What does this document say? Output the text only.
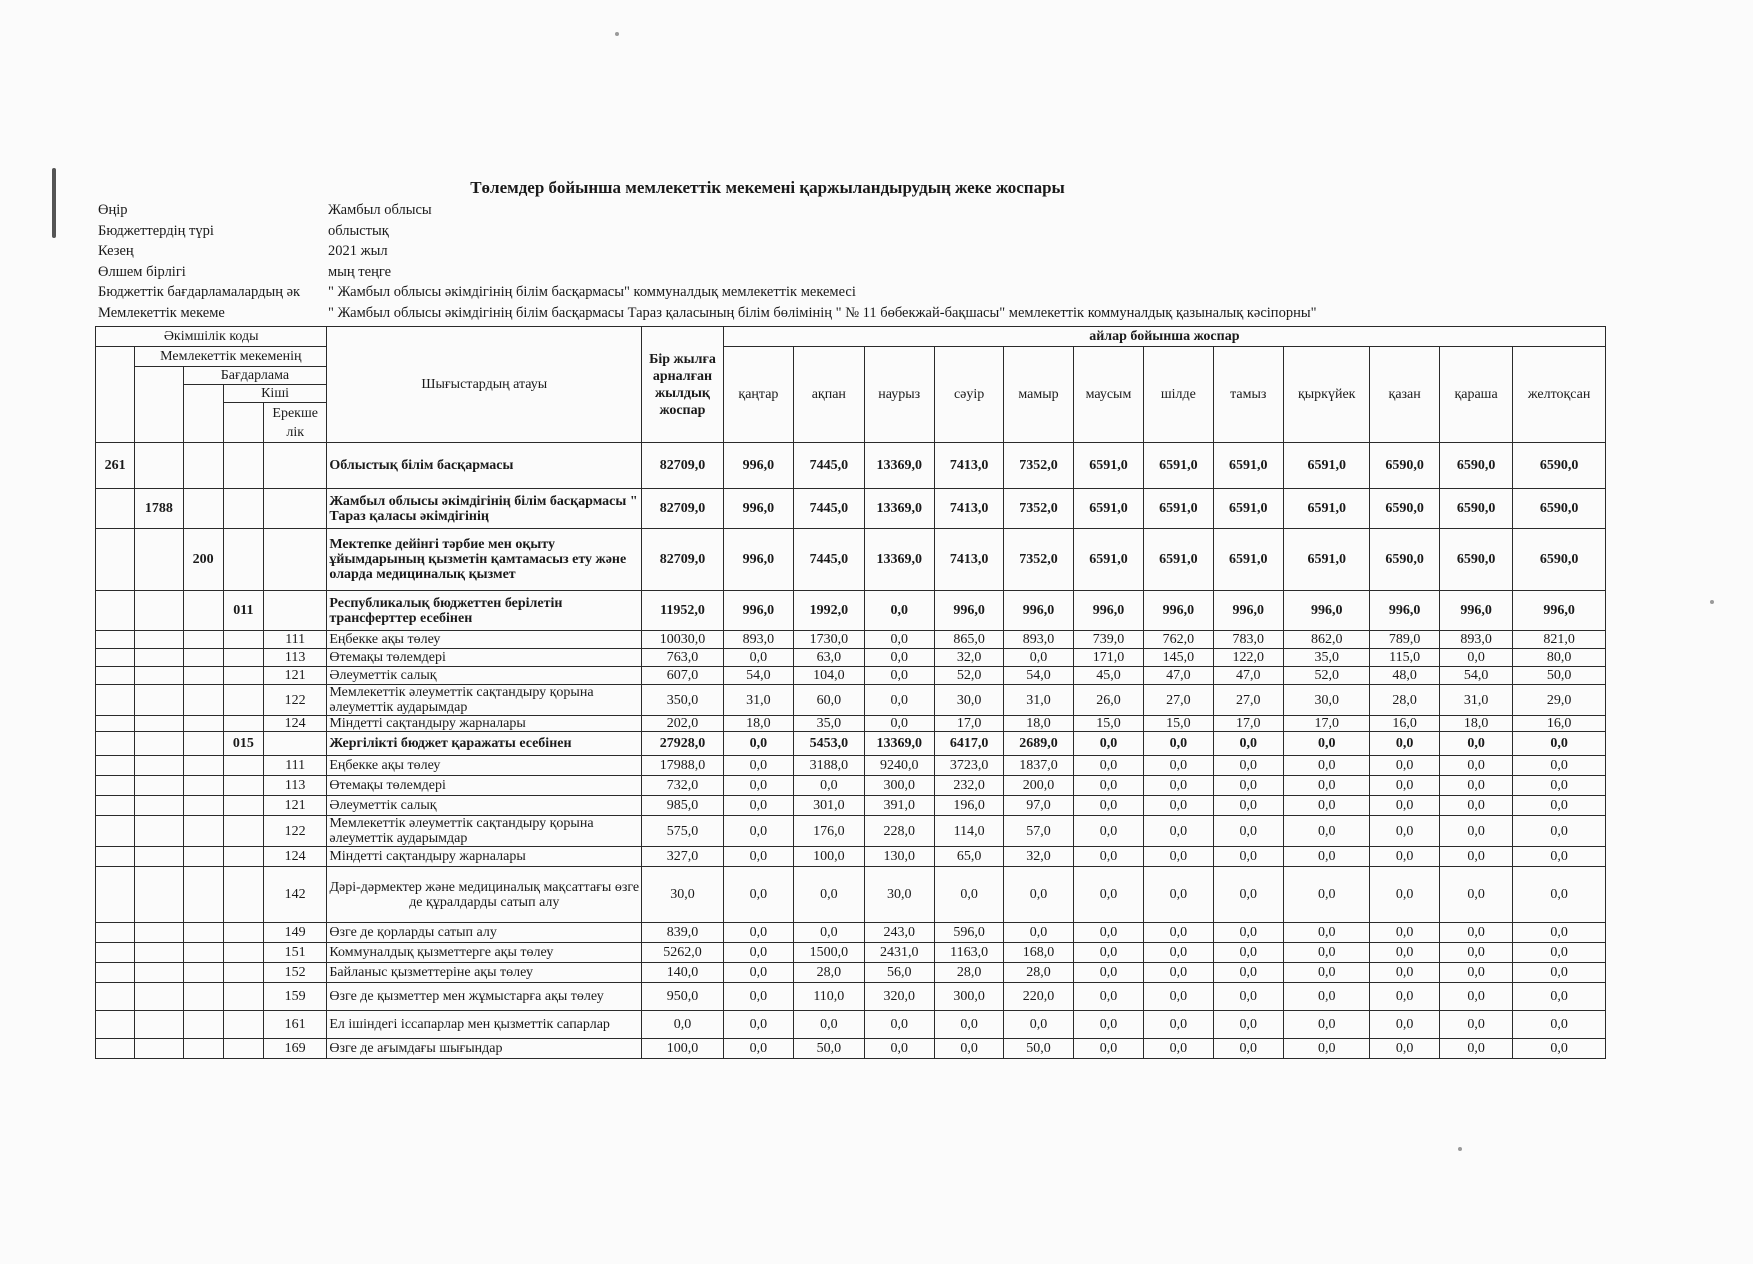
Төлемдер бойынша мемлекеттік мекемені қаржыландырудың жеке жоспары
Өңір	Жамбыл облысы
Бюджеттердің түрі	облыстық
Кезең	2021 жыл
Өлшем бірлігі	мың теңге
Бюджеттік бағдарламалардың әк	" Жамбыл облысы әкімдігінің білім басқармасы" коммуналдық мемлекеттік мекемесі
Мемлекеттік мекеме	" Жамбыл облысы әкімдігінің білім басқармасы Тараз қаласының білім бөлімінің " № 11 бөбекжай-бақшасы" мемлекеттік коммуналдық қазыналық кәсіпорны"
Әкімшілік коды					Шығыстардың атауы	Бір жылға арналған жылдық жоспар	айлар бойынша жоспар											
	Мемлекеттік мекеменің						қаңтар	ақпан	наурыз	сәуір	мамыр	маусым	шілде	тамыз	қыркүйек	қазан	қараша	желтоқсан
		Бағдарлама																
			Кіші															
				Ерекше лік														

261					Облыстық білім басқармасы	82709,0	996,0	7445,0	13369,0	7413,0	7352,0	6591,0	6591,0	6591,0	6591,0	6590,0	6590,0	6590,0
	1788				Жамбыл облысы әкімдігінің білім басқармасы " Тараз қаласы әкімдігінің	82709,0	996,0	7445,0	13369,0	7413,0	7352,0	6591,0	6591,0	6591,0	6591,0	6590,0	6590,0	6590,0
		200			Мектепке дейінгі тәрбие мен оқыту ұйымдарының қызметін қамтамасыз ету және оларда медициналық қызмет	82709,0	996,0	7445,0	13369,0	7413,0	7352,0	6591,0	6591,0	6591,0	6591,0	6590,0	6590,0	6590,0
			011		Республикалық бюджеттен берілетін трансферттер есебінен	11952,0	996,0	1992,0	0,0	996,0	996,0	996,0	996,0	996,0	996,0	996,0	996,0	996,0
				111	Еңбекке ақы төлеу	10030,0	893,0	1730,0	0,0	865,0	893,0	739,0	762,0	783,0	862,0	789,0	893,0	821,0
				113	Өтемақы төлемдері	763,0	0,0	63,0	0,0	32,0	0,0	171,0	145,0	122,0	35,0	115,0	0,0	80,0
				121	Әлеуметтік салық	607,0	54,0	104,0	0,0	52,0	54,0	45,0	47,0	47,0	52,0	48,0	54,0	50,0
				122	Мемлекеттік әлеуметтік сақтандыру қорына әлеуметтік аударымдар	350,0	31,0	60,0	0,0	30,0	31,0	26,0	27,0	27,0	30,0	28,0	31,0	29,0
				124	Міндетті сақтандыру жарналары	202,0	18,0	35,0	0,0	17,0	18,0	15,0	15,0	17,0	17,0	16,0	18,0	16,0
			015		Жергілікті бюджет қаражаты есебінен	27928,0	0,0	5453,0	13369,0	6417,0	2689,0	0,0	0,0	0,0	0,0	0,0	0,0	0,0
				111	Еңбекке ақы төлеу	17988,0	0,0	3188,0	9240,0	3723,0	1837,0	0,0	0,0	0,0	0,0	0,0	0,0	0,0
				113	Өтемақы төлемдері	732,0	0,0	0,0	300,0	232,0	200,0	0,0	0,0	0,0	0,0	0,0	0,0	0,0
				121	Әлеуметтік салық	985,0	0,0	301,0	391,0	196,0	97,0	0,0	0,0	0,0	0,0	0,0	0,0	0,0
				122	Мемлекеттік әлеуметтік сақтандыру қорына әлеуметтік аударымдар	575,0	0,0	176,0	228,0	114,0	57,0	0,0	0,0	0,0	0,0	0,0	0,0	0,0
				124	Міндетті сақтандыру жарналары	327,0	0,0	100,0	130,0	65,0	32,0	0,0	0,0	0,0	0,0	0,0	0,0	0,0
				142	Дәрі-дәрмектер және медициналық мақсаттағы өзге де құралдарды сатып алу	30,0	0,0	0,0	30,0	0,0	0,0	0,0	0,0	0,0	0,0	0,0	0,0	0,0
				149	Өзге де қорларды сатып алу	839,0	0,0	0,0	243,0	596,0	0,0	0,0	0,0	0,0	0,0	0,0	0,0	0,0
				151	Коммуналдық қызметтерге ақы төлеу	5262,0	0,0	1500,0	2431,0	1163,0	168,0	0,0	0,0	0,0	0,0	0,0	0,0	0,0
				152	Байланыс қызметтеріне ақы төлеу	140,0	0,0	28,0	56,0	28,0	28,0	0,0	0,0	0,0	0,0	0,0	0,0	0,0
				159	Өзге де қызметтер мен жұмыстарға ақы төлеу	950,0	0,0	110,0	320,0	300,0	220,0	0,0	0,0	0,0	0,0	0,0	0,0	0,0
				161	Ел ішіндегі іссапарлар мен қызметтік сапарлар	0,0	0,0	0,0	0,0	0,0	0,0	0,0	0,0	0,0	0,0	0,0	0,0	0,0
				169	Өзге де ағымдағы шығындар	100,0	0,0	50,0	0,0	0,0	50,0	0,0	0,0	0,0	0,0	0,0	0,0	0,0
